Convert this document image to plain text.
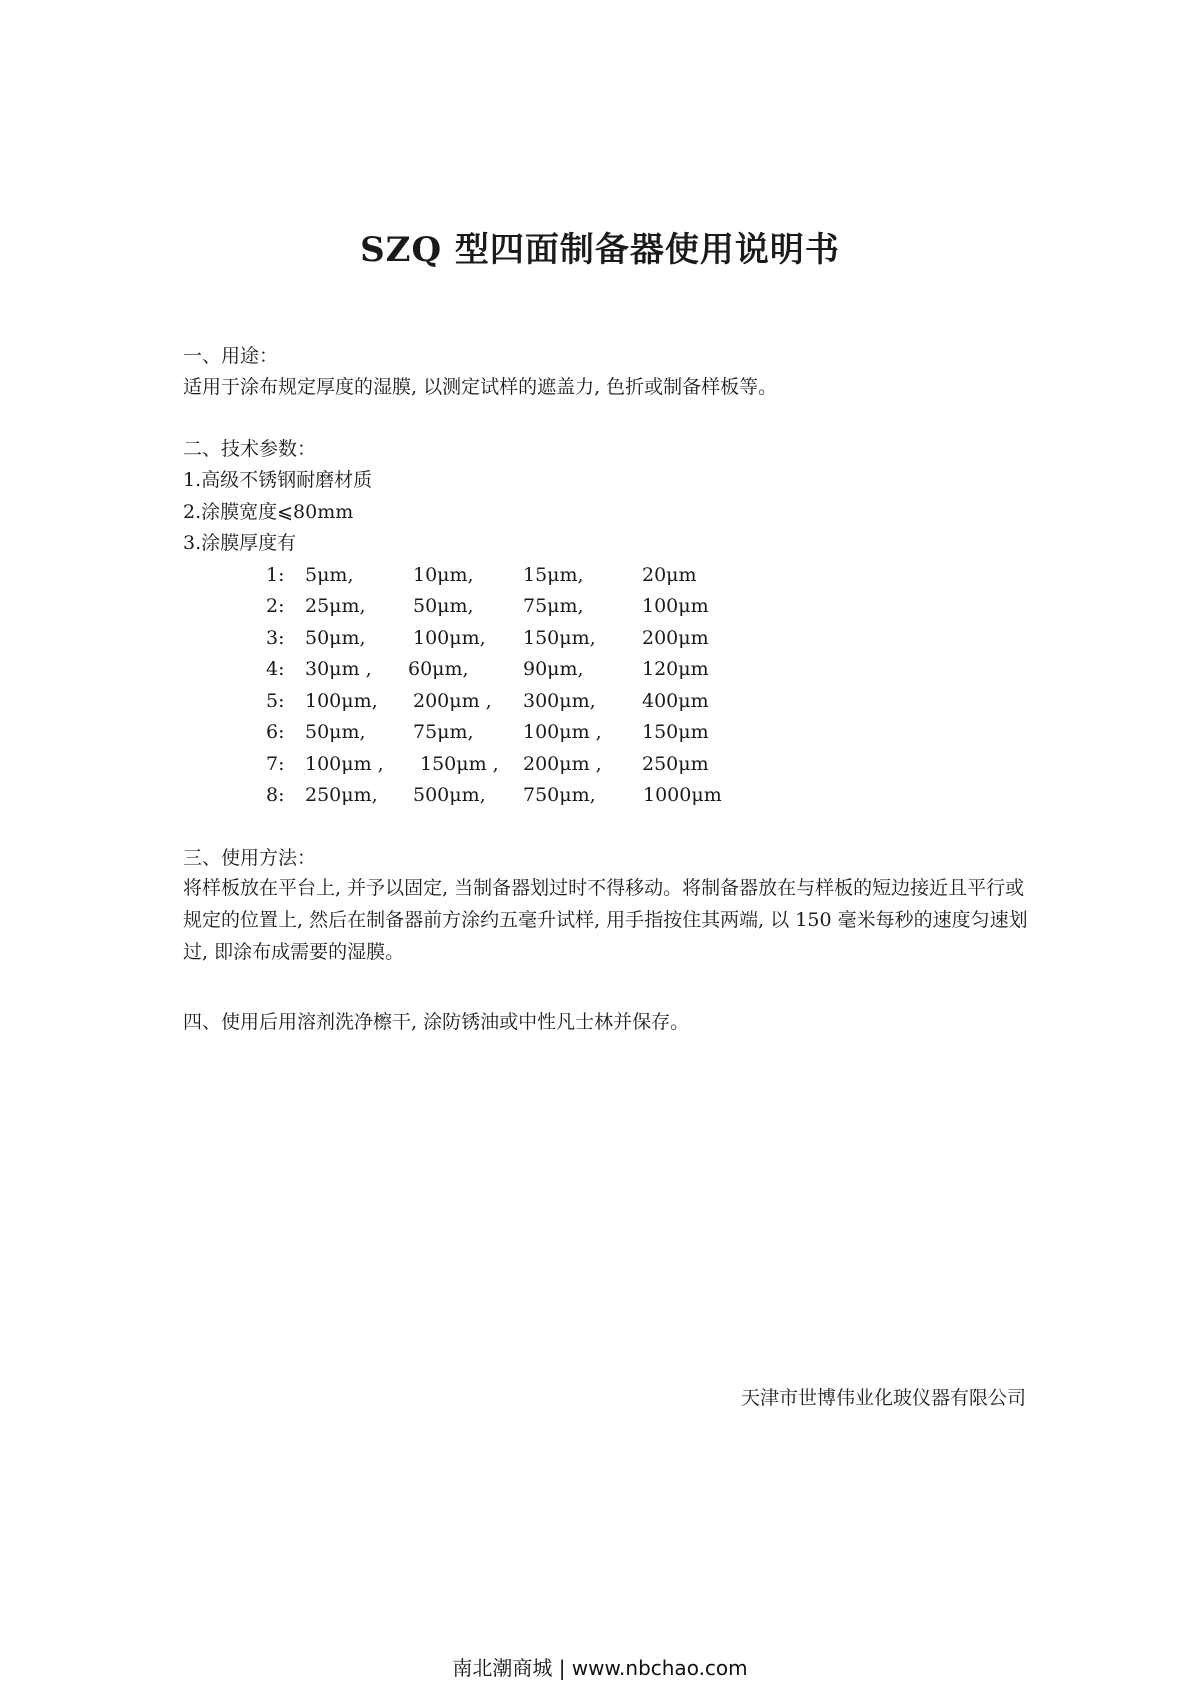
SZQ 型四面制备器使用说明书
一、用途：
适用于涂布规定厚度的湿膜, 以测定试样的遮盖力, 色折或制备样板等。
二、技术参数：
1.高级不锈钢耐磨材质
2.涂膜宽度⩽80mm
3.涂膜厚度有
1: 5μm,	10μm,	15μm,	20μm
2: 25μm, 50μm,	75μm,	100μm
3: 50μm, 100μm, 150μm, 200μm
4: 30μm , 60μm,	90μm,	120μm
5: 100μm, 200μm , 300μm, 400μm
6: 50μm, 75μm,	100μm , 150μm
7: 100μm , 150μm , 200μm , 250μm
8: 250μm, 500μm, 750μm, 1000μm
三、使用方法：
将样板放在平台上, 并予以固定, 当制备器划过时不得移动。将制备器放在与样板的短边接近且平行或规定的位置上, 然后在制备器前方涂约五毫升试样, 用手指按住其两端, 以 150 毫米每秒的速度匀速划过, 即涂布成需要的湿膜。
四、使用后用溶剂洗净檫干, 涂防锈油或中性凡士林并保存。
天津市世博伟业化玻仪器有限公司
南北潮商城 | www.nbchao.com
